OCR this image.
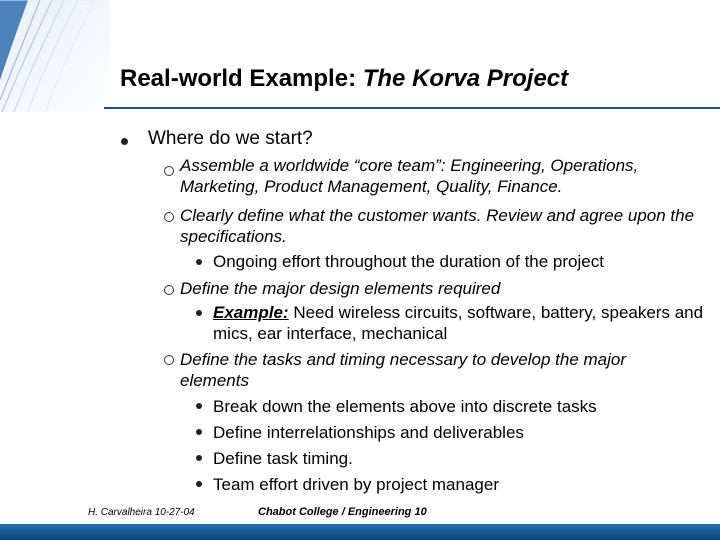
Real-world Example: The Korva Project
Where do we start?
Assemble a worldwide “core team”: Engineering, Operations, Marketing, Product Management, Quality, Finance.
Clearly define what the customer wants. Review and agree upon the specifications.
Ongoing effort throughout the duration of the project
Define the major design elements required
Example: Need wireless circuits, software, battery, speakers and mics, ear interface, mechanical
Define the tasks and timing necessary to develop the major elements
Break down the elements above into discrete tasks
Define interrelationships and deliverables
Define task timing.
Team effort driven by project manager
H. Carvalheira 10-27-04	Chabot College / Engineering 10
